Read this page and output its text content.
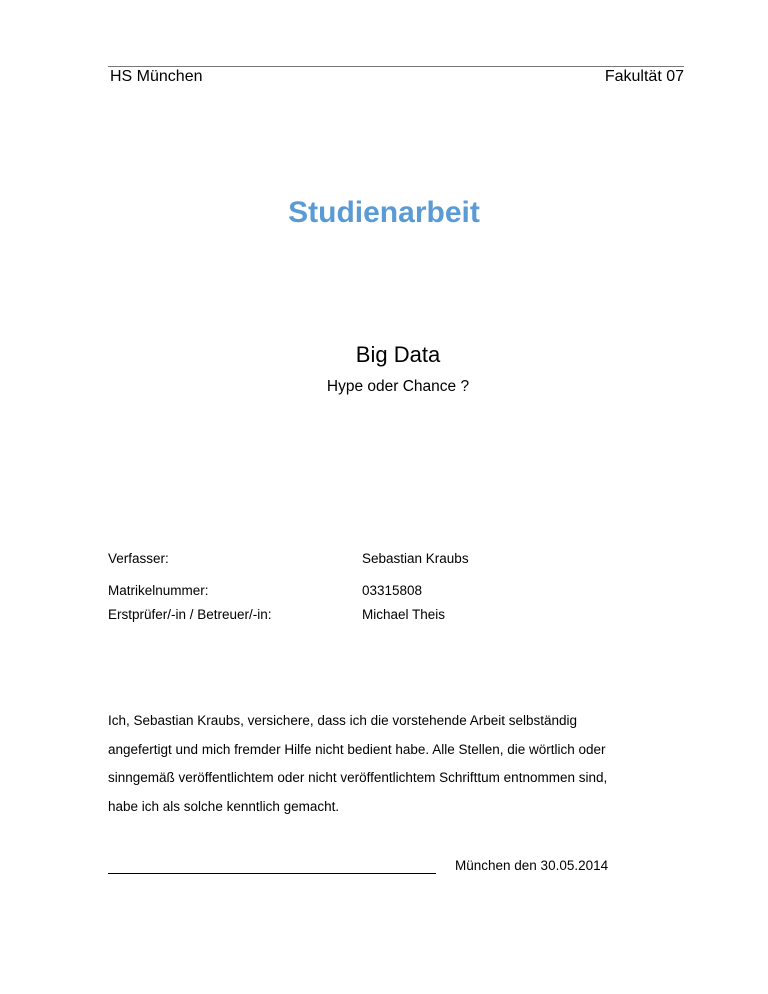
HS München	Fakultät 07
Studienarbeit
Big Data
Hype oder Chance ?
Verfasser:	Sebastian Kraubs
Matrikelnummer:	03315808
Erstprüfer/-in / Betreuer/-in:	Michael Theis

Ich, Sebastian Kraubs, versichere, dass ich die vorstehende Arbeit selbständig

angefertigt und mich fremder Hilfe nicht bedient habe. Alle Stellen, die wörtlich oder

sinngemäß veröffentlichtem oder nicht veröffentlichtem Schrifttum entnommen sind,

habe ich als solche kenntlich gemacht.

München den 30.05.2014
